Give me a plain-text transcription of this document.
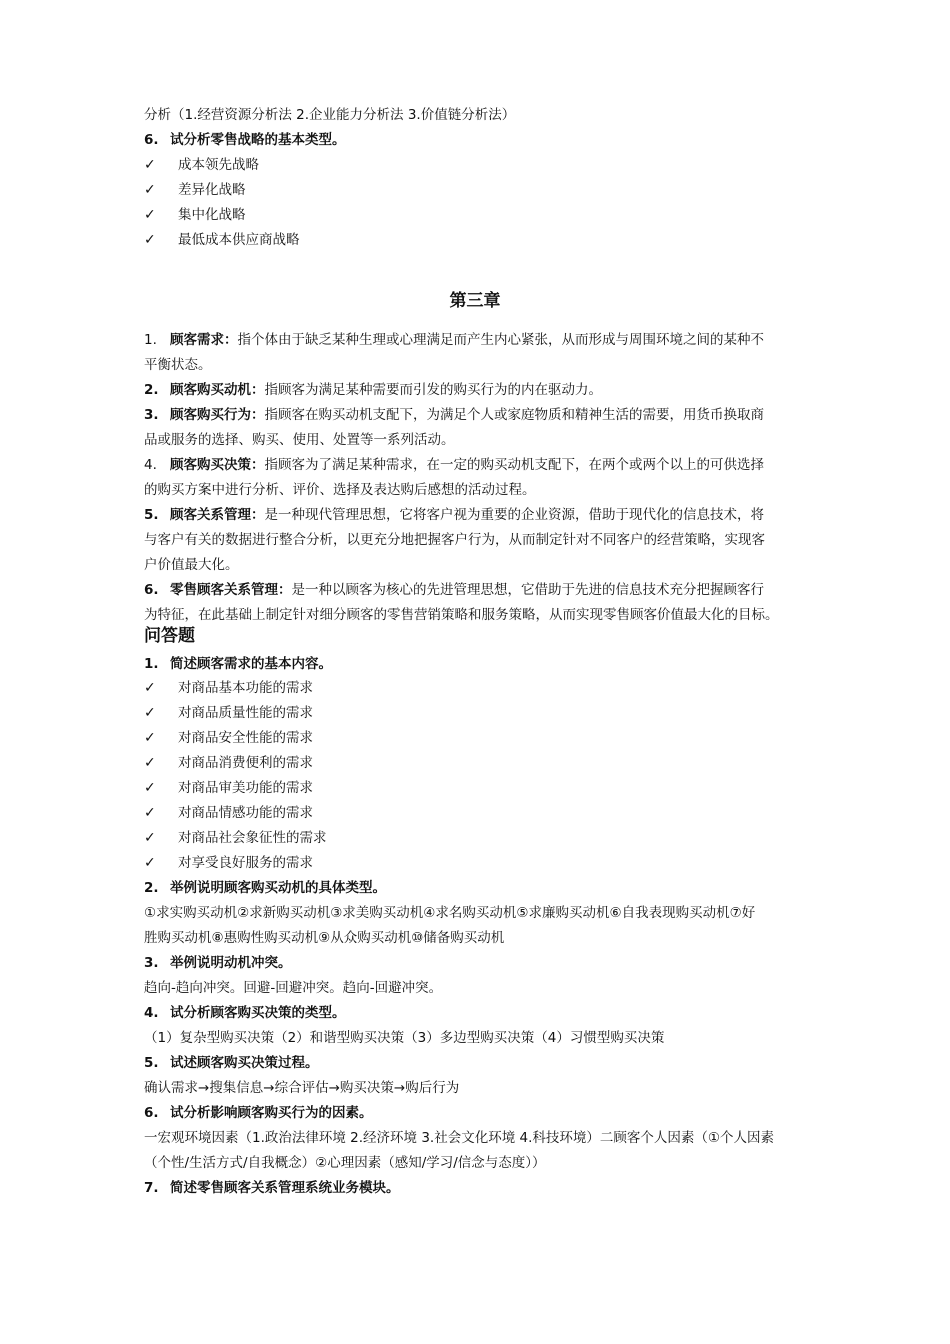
分析（1.经营资源分析法 2.企业能力分析法 3.价值链分析法）
6. 试分析零售战略的基本类型。
✓ 成本领先战略
✓ 差异化战略
✓ 集中化战略
✓ 最低成本供应商战略
第三章
1. 顾客需求：指个体由于缺乏某种生理或心理满足而产生内心紧张，从而形成与周围环境之间的某种不
平衡状态。
2. 顾客购买动机：指顾客为满足某种需要而引发的购买行为的内在驱动力。
3. 顾客购买行为：指顾客在购买动机支配下，为满足个人或家庭物质和精神生活的需要，用货币换取商
品或服务的选择、购买、使用、处置等一系列活动。
4. 顾客购买决策：指顾客为了满足某种需求，在一定的购买动机支配下，在两个或两个以上的可供选择
的购买方案中进行分析、评价、选择及表达购后感想的活动过程。
5. 顾客关系管理：是一种现代管理思想，它将客户视为重要的企业资源，借助于现代化的信息技术，将
与客户有关的数据进行整合分析，以更充分地把握客户行为，从而制定针对不同客户的经营策略，实现客
户价值最大化。
6. 零售顾客关系管理：是一种以顾客为核心的先进管理思想，它借助于先进的信息技术充分把握顾客行
为特征，在此基础上制定针对细分顾客的零售营销策略和服务策略，从而实现零售顾客价值最大化的目标。
问答题
1. 简述顾客需求的基本内容。
✓ 对商品基本功能的需求
✓ 对商品质量性能的需求
✓ 对商品安全性能的需求
✓ 对商品消费便利的需求
✓ 对商品审美功能的需求
✓ 对商品情感功能的需求
✓ 对商品社会象征性的需求
✓ 对享受良好服务的需求
2. 举例说明顾客购买动机的具体类型。
①求实购买动机②求新购买动机③求美购买动机④求名购买动机⑤求廉购买动机⑥自我表现购买动机⑦好
胜购买动机⑧惠购性购买动机⑨从众购买动机⑩储备购买动机
3. 举例说明动机冲突。
趋向-趋向冲突。回避-回避冲突。趋向-回避冲突。
4. 试分析顾客购买决策的类型。
（1）复杂型购买决策（2）和谐型购买决策（3）多边型购买决策（4）习惯型购买决策
5. 试述顾客购买决策过程。
确认需求→搜集信息→综合评估→购买决策→购后行为
6. 试分析影响顾客购买行为的因素。
一宏观环境因素（1.政治法律环境 2.经济环境 3.社会文化环境 4.科技环境）二顾客个人因素（①个人因素
（个性/生活方式/自我概念）②心理因素（感知/学习/信念与态度））
7. 简述零售顾客关系管理系统业务模块。
